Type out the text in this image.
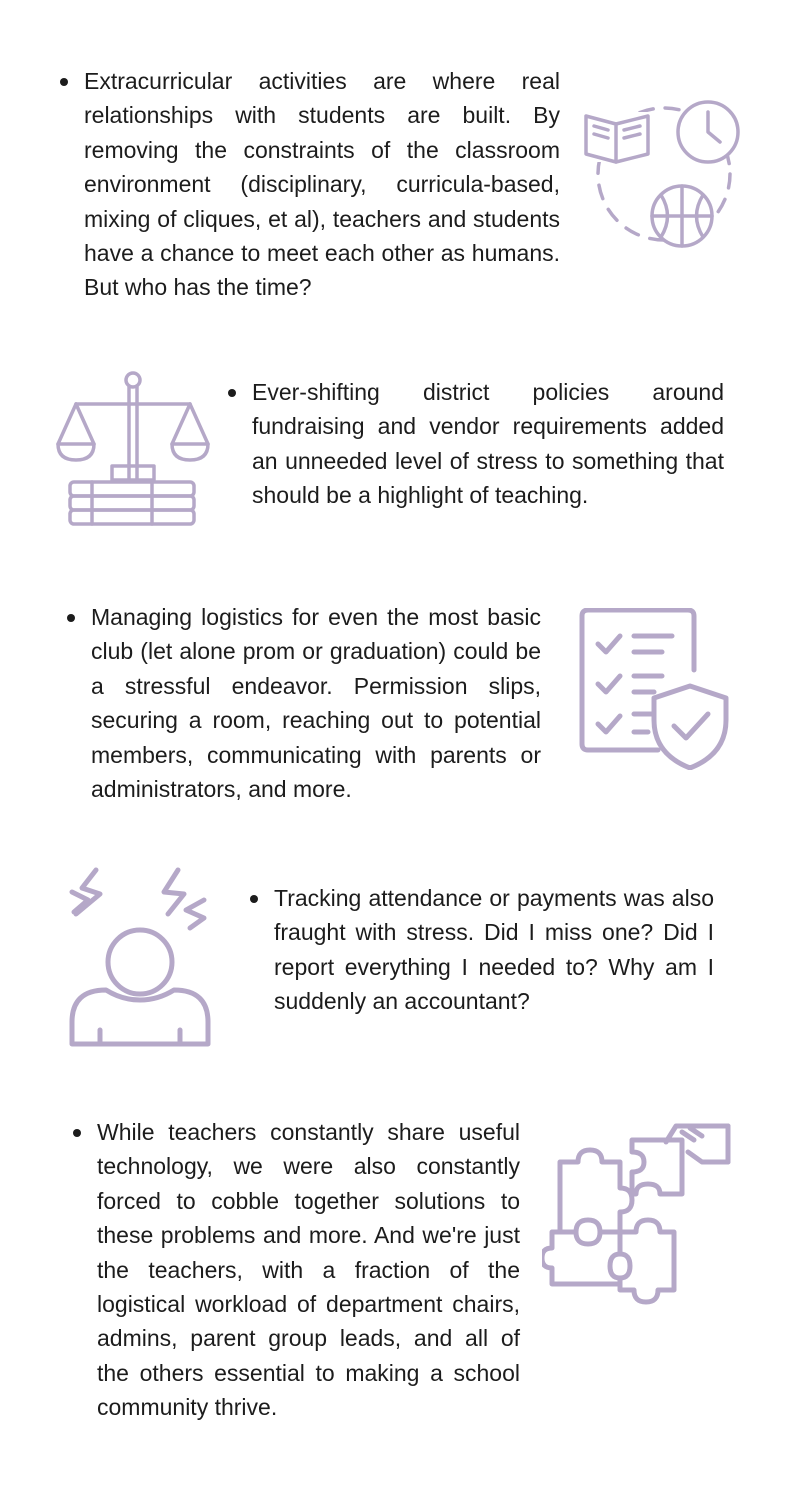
Extracurricular activities are where real relationships with students are built. By removing the constraints of the classroom environment (disciplinary, curricula-based, mixing of cliques, et al), teachers and students have a chance to meet each other as humans. But who has the time?

Ever-shifting district policies around fundraising and vendor requirements added an unneeded level of stress to something that should be a highlight of teaching.

Managing logistics for even the most basic club (let alone prom or graduation) could be a stressful endeavor. Permission slips, securing a room, reaching out to potential members, communicating with parents or administrators, and more.

Tracking attendance or payments was also fraught with stress. Did I miss one? Did I report everything I needed to? Why am I suddenly an accountant?

While teachers constantly share useful technology, we were also constantly forced to cobble together solutions to these problems and more. And we're just the teachers, with a fraction of the logistical workload of department chairs, admins, parent group leads, and all of the others essential to making a school community thrive.
